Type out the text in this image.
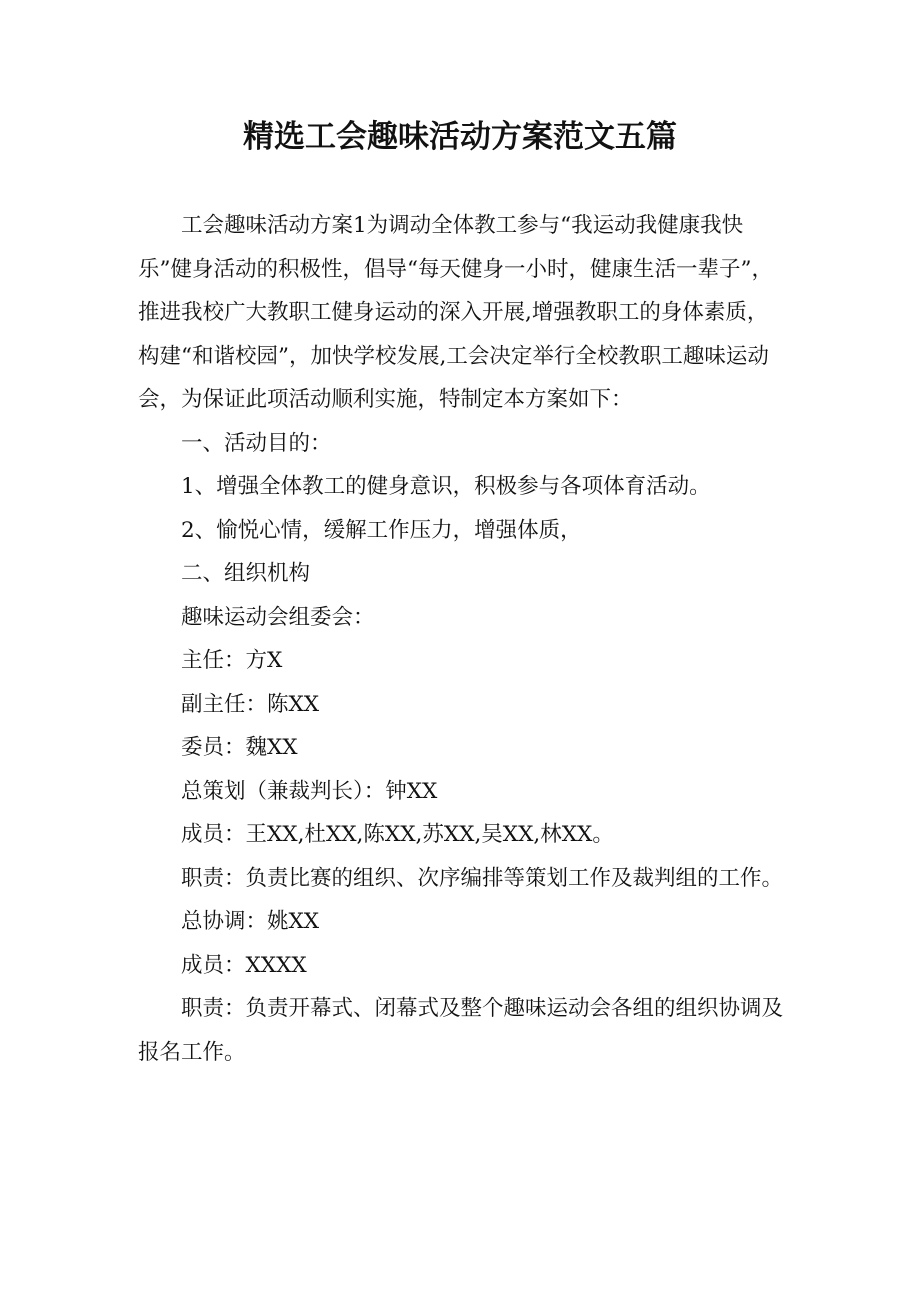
精选工会趣味活动方案范文五篇

工会趣味活动方案1为调动全体教工参与“我运动我健康我快乐”健身活动的积极性，倡导“每天健身一小时，健康生活一辈子”，推进我校广大教职工健身运动的深入开展,增强教职工的身体素质，构建“和谐校园”，加快学校发展,工会决定举行全校教职工趣味运动会，为保证此项活动顺利实施，特制定本方案如下：

一、活动目的：

1、增强全体教工的健身意识，积极参与各项体育活动。

2、愉悦心情，缓解工作压力，增强体质，

二、组织机构

趣味运动会组委会：

主任：方X

副主任：陈XX

委员：魏XX

总策划（兼裁判长）：钟XX

成员：王XX,杜XX,陈XX,苏XX,吴XX,林XX。

职责：负责比赛的组织、次序编排等策划工作及裁判组的工作。

总协调：姚XX

成员：XXXX

职责：负责开幕式、闭幕式及整个趣味运动会各组的组织协调及报名工作。
